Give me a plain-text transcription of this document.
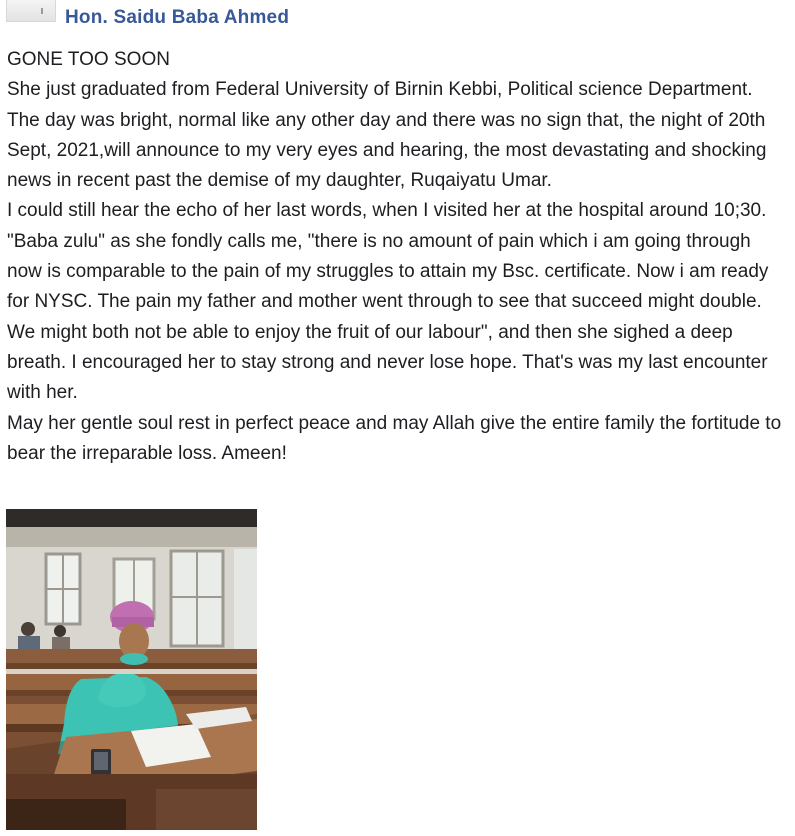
Hon. Saidu Baba Ahmed

GONE TOO SOON

She just graduated from Federal University of Birnin Kebbi, Political science Department.

The day was bright, normal like any other day and there was no sign that, the night of 20th Sept, 2021,will announce to my very eyes and hearing, the most devastating and shocking news in recent past the demise of my daughter, Ruqaiyatu Umar.

I could still hear the echo of her last words, when I visited her at the hospital around 10;30. "Baba zulu" as she fondly calls me, "there is no amount of pain which i am going through now is comparable to the pain of my struggles to attain my Bsc. certificate. Now i am ready for NYSC. The pain my father and mother went through to see that succeed might double. We might both not be able to enjoy the fruit of our labour", and then she sighed a deep breath. I encouraged her to stay strong and never lose hope. That's was my last encounter with her.

May her gentle soul rest in perfect peace and may Allah give the entire family the fortitude to bear the irreparable loss. Ameen!
